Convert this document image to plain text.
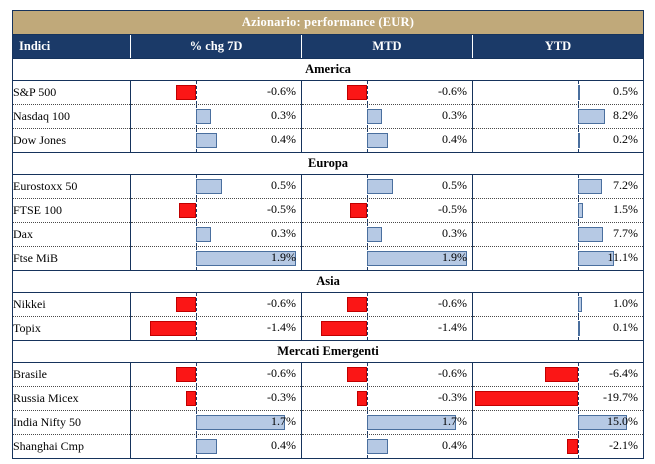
Azionario: performance (EUR)			
Indici	% chg 7D	MTD	YTD
America			
S&P 500	-0.6%	-0.6%	0.5%

Nasdaq 100	0.3%	0.3%	8.2%

Dow Jones	0.4%	0.4%	0.2%

Europa			
Eurostoxx 50	0.5%	0.5%	7.2%

FTSE 100	-0.5%	-0.5%	1.5%

Dax	0.3%	0.3%	7.7%

Ftse MiB	1.9%	1.9%	11.1%

Asia			
Nikkei	-0.6%	-0.6%	1.0%

Topix	-1.4%	-1.4%	0.1%

Mercati Emergenti			
Brasile	-0.6%	-0.6%	-6.4%

Russia Micex	-0.3%	-0.3%	-19.7%

India Nifty 50	1.7%	1.7%	15.0%

Shanghai Cmp	0.4%	0.4%	-2.1%
